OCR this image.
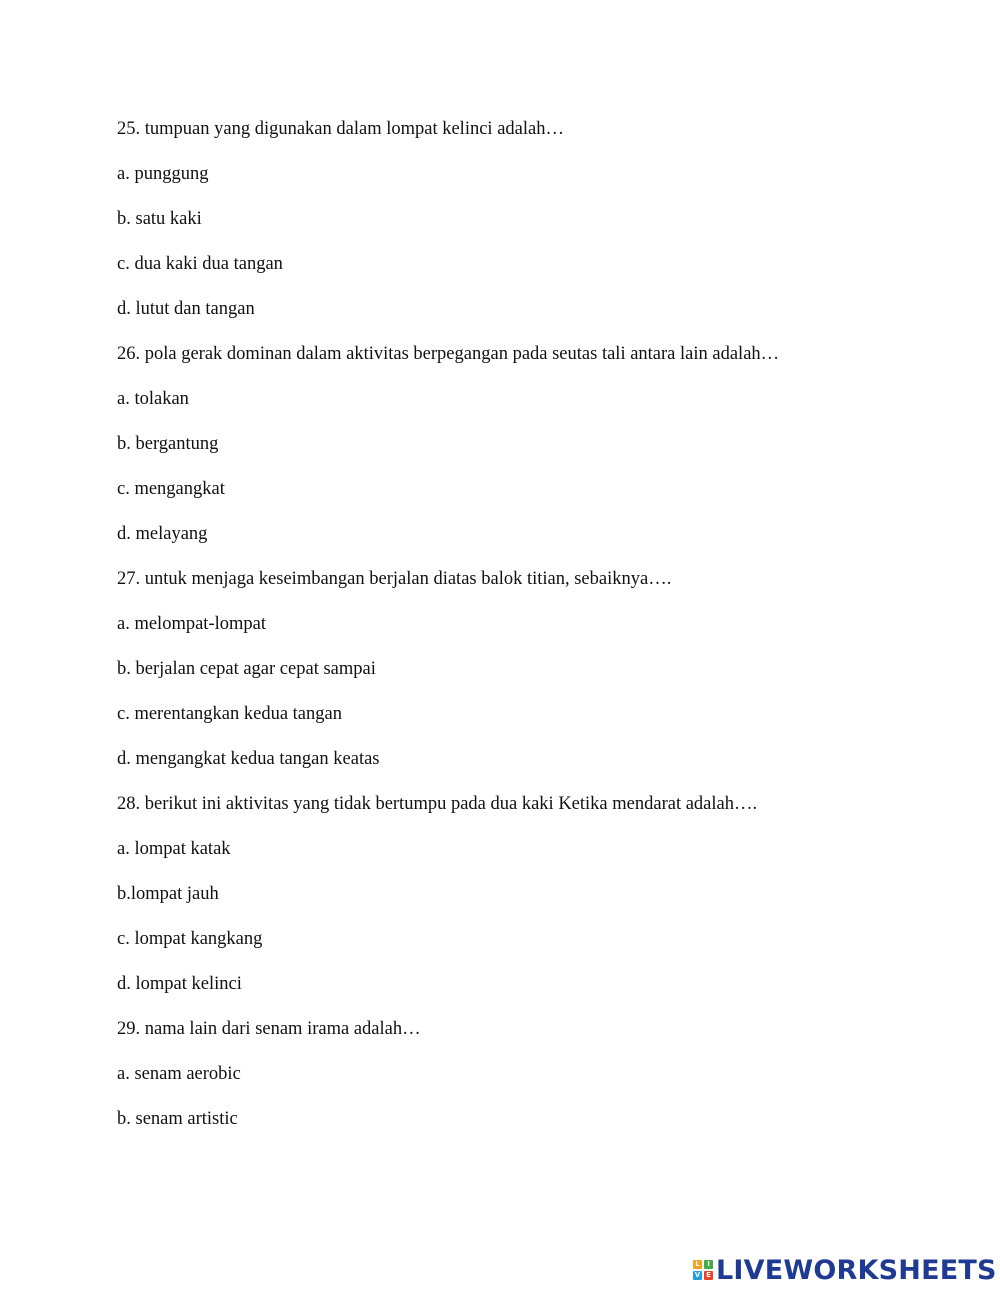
25. tumpuan yang digunakan dalam lompat kelinci adalah…
a. punggung
b. satu kaki
c. dua kaki dua tangan
d. lutut dan tangan
26. pola gerak dominan dalam aktivitas berpegangan pada seutas tali antara lain adalah…
a. tolakan
b. bergantung
c. mengangkat
d. melayang
27. untuk menjaga keseimbangan berjalan diatas balok titian, sebaiknya….
a. melompat-lompat
b. berjalan cepat agar cepat sampai
c. merentangkan kedua tangan
d. mengangkat kedua tangan keatas
28. berikut ini aktivitas yang tidak bertumpu pada dua kaki Ketika mendarat adalah….
a. lompat katak
b.lompat jauh
c. lompat kangkang
d. lompat kelinci
29. nama lain dari senam irama adalah…
a. senam aerobic
b. senam artistic
L	I
V E LIVEWORKSHEETS
